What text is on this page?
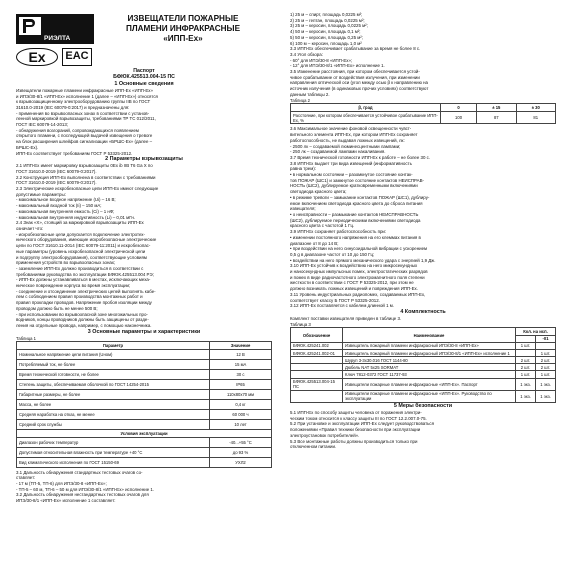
РИЭЛТА
Ex	EAC
ИЗВЕЩАТЕЛИ ПОЖАРНЫЕ
ПЛАМЕНИ ИНФРАКРАСНЫЕ
«ИПП-Ex»

Паспорт

БФЮК.425513.004-15 ПС

1 Основные сведения

Извещатели пожарные пламени инфракрасные ИПП-Ex «ИПП-Ex»

и ИПЭ/30-8/1 «ИПП-Ex» исполнение 1 (далее – «ИПП-Ex») относятся

к взрывозащищенному электрооборудованию группы IIB по ГОСТ

31610.0-2019 (IEC 60079-0:2017) и предназначены для:

- применения во взрывоопасных зонах в соответствии с установ-

ленной маркировкой взрывозащиты, требованиями ТР ТС 012/2011,

ГОСТ IEC 60079-14-2013;

- обнаружения возгораний, сопровождающихся появлением

открытого пламени, с последующей выдачей извещения о тревоге

на блок расширения шлейфов сигнализации «БРШС-Ex» (далее –

БРШС-Ex).

ИПП-Ex соответствует требованиям ГОСТ Р 53325-2012.

2 Параметры взрывозащиты

2.1 ИПП-Ex имеет маркировку взрывозащиты 0Ex ib IIB T6 Ga X по

ГОСТ 31610.0-2019 (IEC 60079-0:2017).

2.2 Конструкция ИПП-Ex выполнена в соответствии с требованиями

ГОСТ 31610.0-2019 (IEC 60079-0:2017).

2.3 Электрические искробезопасные цепи ИПП-Ex имеют следующие

допустимые параметры:

- максимальное входное напряжение (Ui) – 16 В;

- максимальный входной ток (Ii) – 150 мА;

- максимальная внутренняя емкость (Ci) – 1 нФ;

- максимальная внутренняя индуктивность (Li) – 0,01 мГн.

2.4 Знак «X», стоящий за маркировкой взрывозащиты ИПП-Ex

означает что:

- искробезопасные цепи допускается подключение электротех-

нического оборудования, имеющие искробезопасные электрические

цепи по ГОСТ 31610.11-2014 (IEC 60079-11:2011) и искробезопас-

ные параметры (уровень искробезопасной электрической цепи

и подгруппу электрооборудования), соответствующие условиям

применения устройств во взрывоопасных зонах;

- заземление ИПП-Ex должно производиться в соответствии с

требованиями руководства по эксплуатации БФЮК.425513.004 РЭ;

- ИПП-Ex должны устанавливаться в местах, исключающих меха-

ническое повреждение корпуса во время эксплуатации;

- соединение и отсоединение электрических цепей выполнять кабе-

лем с соблюдением правил производства монтажных работ и

правил прокладки проводов. Напряжение пробоя изоляции между

проводом должно быть не менее 500 В;

- при использовании во взрывоопасной зоне многожильных про-

водников, концы проводников должны быть защищены от разде-

ления на отдельные провода, например, с помощью наконечника.

3 Основные параметры и характеристики

Таблица 1

Параметр	Значение
Номинальное напряжение цепи питания (Uном)	12 В
Потребляемый ток, не более	15 мА
Время технической готовности, не более	30 с
Степень защиты, обеспечиваемая оболочкой по ГОСТ 14254-2015	IP65
Габаритные размеры, не более	110х80х70 мм
Масса, не более	0,4 кг
Средняя наработка на отказ, не менее	60 000 ч
Средний срок службы	10 лет
Условия эксплуатации	
Диапазон рабочих температур	-40...+55 °С
Допустимая относительная влажность при температуре +40 °С	до 93 %
Вид климатического исполнения по ГОСТ 15150-69	УХЛ2

3.1 Дальность обнаружения стандартных тестовых очагов со-

ставляет:

- 17 м (ТП-5, ТП-6) для ИПЭ/30-8 «ИПП-Ex»;

- ТП-5 – 60 м, ТП-6 – 50 м для ИПЭ/30-8/1 «ИПП-Ex» исполнение 1.

3.2 Дальность обнаружения нестандартных тестовых очагов для

ИПЭ/30-8/1 «ИПП-Ex» исполнение 1 составляет:

1) 25 м – спирт, площадь 0,0225 м²;

2) 25 м – гептан, площадь 0,0225 м²;

3) 25 м – керосин, площадь 0,0225 м²;

4) 50 м – керосин, площадь 0,1 м²;

5) 50 м – керосин, площадь 0,25 м²;

6) 100 м – керосин, площадь 1,0 м²

3.3 ИПП-Ex обеспечивает срабатывание за время не более 8 с.

3.4 Угол обзора:

- 60° для ИПЭ/30-8 «ИПП-Ex»;

- 12° для ИПЭ/30-8/1 «ИПП-Ex» исполнение 1.

3.5 Изменение расстояния, при котором обеспечивается устой-

чивое срабатывание от воздействия излучения, при изменении

направления оптической оси (угол между осью β к направлению на

источник излучения (в одинаковых прочих условиях) соответствуют

данным таблицы 2.

Таблица 2

β, град	0	± 15	± 30
Расстояние, при котором обеспечивается устойчивое срабатывание ИПП-Ex, %	100	87	81

3.6 Максимальное значение фоновой освещенности чувст-

вительного элемента ИПП-Ex, при котором ИПП-Ex сохраняет

работоспособность, не выдавая ложных извещений, лк:

- 2500 лк – создаваемой люминесцентными лампами;

- 250 лк – создаваемой лампами накаливания.

3.7 Время технической готовности ИПП-Ex к работе – не более 30 с.

3.8 ИПП-Ex выдает три вида извещений (информативность

равна трем):

• в нормальном состоянии – разомкнутое состояние контак-

тов ПОЖАР (ШС1) и замкнутое состояние контактов НЕИСПРАВ-

НОСТЬ (ШС2), дублируемое кратковременными включениями

светодиода красного цвета;

• в режиме тревоги – замыкание контактов ПОЖАР (ШС1), дублиру-

емое включением светодиода красного цвета до сброса питания

извещателя;

• о неисправности – размыкание контактов НЕИСПРАВНОСТЬ

(ШС2), дублируемое периодическими включениями светодиода

красного цвета с частотой 1 Гц.

3.9 ИПП-Ex сохраняет работоспособность при:

• изменении постоянного напряжения на его клеммах питания в

диапазоне от 8 до 14 В;

• при воздействии на него синусоидальной вибрации с ускорением

0,5 g в диапазоне частот от 10 до 150 Гц;

• воздействии на него прямого механического удара с энергией 1,9 Дж.

3.10 ИПП-Ex устойчив к воздействию на него микросекундных

и наносекундных импульсных помех, электростатических разрядов

и помех в виде радиочастотного электромагнитного поля степени

жесткости в соответствии с ГОСТ Р 53325-2012, при этом не

должно возникать ложных извещений и повреждения ИПП-Ex.

3.11 Уровень индустриальных радиопомех, создаваемых ИПП-Ex,

соответствует классу Б ГОСТ Р 53325-2012.

3.12 ИПП-Ex поставляется с кабелем длинной 1 м.

4 Комплектность

Комплект поставки извещателя приведен в таблице 3.

Таблица 3

Обозначение	Наименование	Кол. на исп.	
			-01
БФЮК.425241.002	Извещатель пожарный пламени инфракрасный ИПЭ/30-8 «ИПП-Ex»	1 шт.	
БФЮК.425241.002-01	Извещатель пожарный пламени инфракрасный ИПЭ/30-8/1 «ИПП-Ex» исполнение 1		1 шт.
	Шуруп 3-3х30.016 ГОСТ 1144-80	2 шт.	2 шт.
	Дюбель NAT 5x25 SORMAT	2 шт.	2 шт.
	Ключ 7812-0372 ГОСТ 11737-93	1 шт.	1 шт.
БФЮК.425513.004-15 ПС	Извещатели пожарные пламени инфракрасные «ИПП-Ex». Паспорт	1 экз.	1 экз.
	Извещатели пожарные пламени инфракрасные «ИПП-Ex». Руководство по эксплуатации	1 экз.	1 экз.

5 Меры безопасности

5.1 ИПП-Ex по способу защиты человека от поражения электри-

ческим током относится к классу защиты III по ГОСТ 12.2.007.0-75.

5.2 При установке и эксплуатации ИПП-Ex следует руководствоваться

положениями «Правил техники безопасности при эксплуатации

электроустановок потребителей».

5.3 Все монтажные работы должны производиться только при

отключенном питании.
